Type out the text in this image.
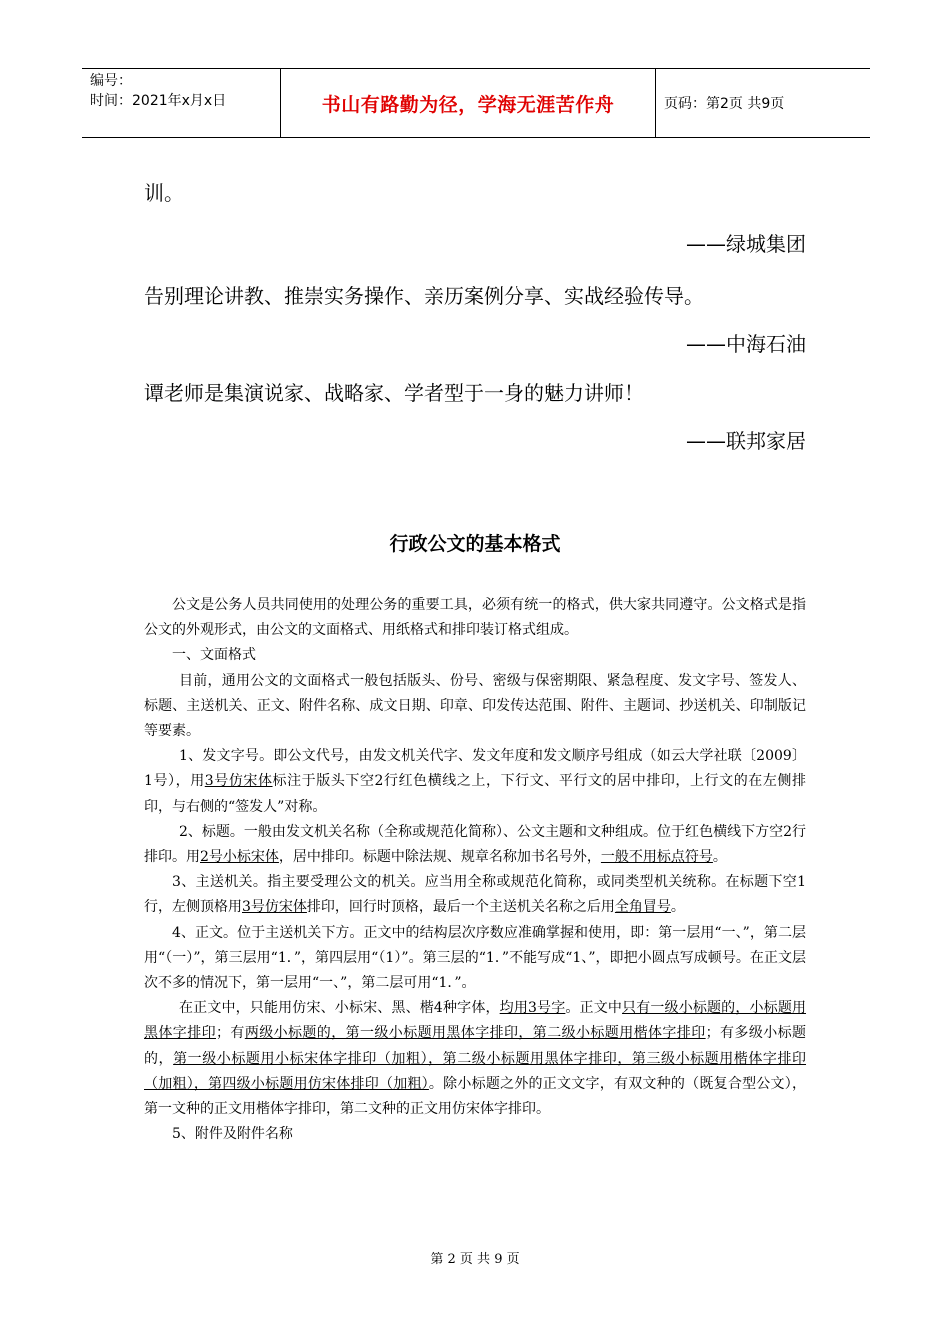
编号：
时间：2021年x月x日	书山有路勤为径，学海无涯苦作舟	页码：第2页 共9页
训。
——绿城集团
告别理论讲教、推崇实务操作、亲历案例分享、实战经验传导。
——中海石油
谭老师是集演说家、战略家、学者型于一身的魅力讲师！
——联邦家居
行政公文的基本格式

公文是公务人员共同使用的处理公务的重要工具，必须有统一的格式，供大家共同遵守。公文格式是指公文的外观形式，由公文的文面格式、用纸格式和排印装订格式组成。

一、文面格式

目前，通用公文的文面格式一般包括版头、份号、密级与保密期限、紧急程度、发文字号、签发人、标题、主送机关、正文、附件名称、成文日期、印章、印发传达范围、附件、主题词、抄送机关、印制版记等要素。

1、发文字号。即公文代号，由发文机关代字、发文年度和发文顺序号组成（如云大学社联〔2009〕1号），用3号仿宋体标注于版头下空2行红色横线之上，下行文、平行文的居中排印，上行文的在左侧排印，与右侧的“签发人”对称。

2、标题。一般由发文机关名称（全称或规范化简称）、公文主题和文种组成。位于红色横线下方空2行排印。用2号小标宋体，居中排印。标题中除法规、规章名称加书名号外，一般不用标点符号。

3、主送机关。指主要受理公文的机关。应当用全称或规范化简称，或同类型机关统称。在标题下空1行，左侧顶格用3号仿宋体排印，回行时顶格，最后一个主送机关名称之后用全角冒号。

4、正文。位于主送机关下方。正文中的结构层次序数应准确掌握和使用，即：第一层用“一、”，第二层用“（一）”，第三层用“1．”，第四层用“（1）”。第三层的“1．”不能写成“1、”，即把小圆点写成顿号。在正文层次不多的情况下，第一层用“一、”，第二层可用“1．”。

在正文中，只能用仿宋、小标宋、黑、楷4种字体，均用3号字。正文中只有一级小标题的，小标题用黑体字排印；有两级小标题的，第一级小标题用黑体字排印，第二级小标题用楷体字排印；有多级小标题的，第一级小标题用小标宋体字排印（加粗），第二级小标题用黑体字排印，第三级小标题用楷体字排印（加粗），第四级小标题用仿宋体排印（加粗）。除小标题之外的正文文字，有双文种的（既复合型公文），第一文种的正文用楷体字排印，第二文种的正文用仿宋体字排印。

5、附件及附件名称

第 2 页 共 9 页
